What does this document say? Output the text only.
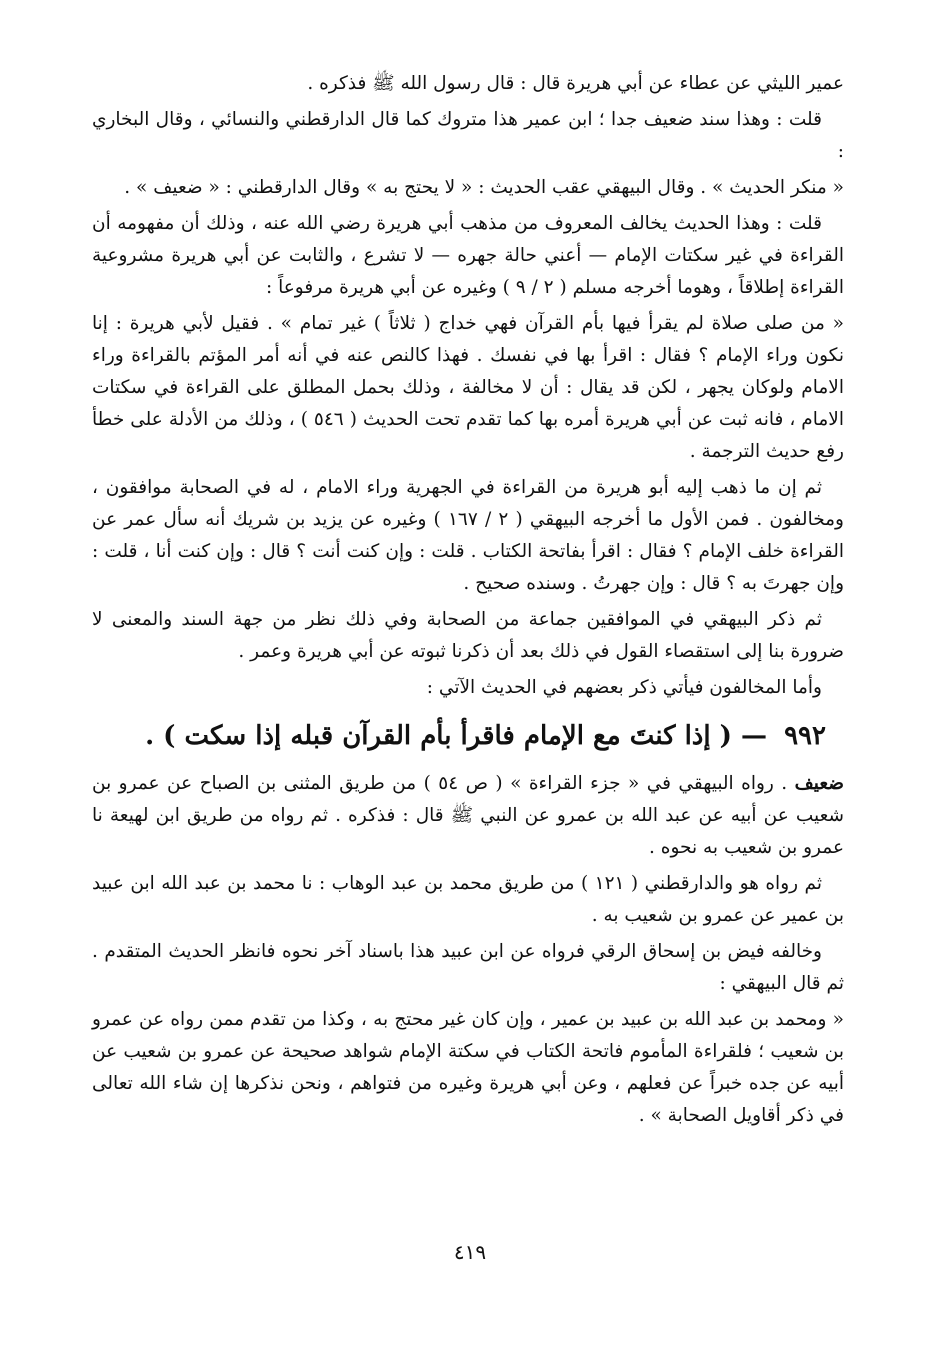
عمير الليثي عن عطاء عن أبي هريرة قال : قال رسول الله ﷺ فذكره .

قلت : وهذا سند ضعيف جدا ؛ ابن عمير هذا متروك كما قال الدارقطني والنسائي ، وقال البخاري :

« منكر الحديث » . وقال البيهقي عقب الحديث : « لا يحتج به » وقال الدارقطني : « ضعيف » .

قلت : وهذا الحديث يخالف المعروف من مذهب أبي هريرة رضي الله عنه ، وذلك أن مفهومه أن القراءة في غير سكتات الإمام — أعني حالة جهره — لا تشرع ، والثابت عن أبي هريرة مشروعية القراءة إطلاقاً ، وهوما أخرجه مسلم ( ٢ / ٩ ) وغيره عن أبي هريرة مرفوعاً :

« من صلى صلاة لم يقرأ فيها بأم القرآن فهي خداج ( ثلاثاً ) غير تمام » . فقيل لأبي هريرة : إنا نكون وراء الإمام ؟ فقال : اقرأ بها في نفسك . فهذا كالنص عنه في أنه أمر المؤتم بالقراءة وراء الامام ولوكان يجهر ، لكن قد يقال : أن لا مخالفة ، وذلك بحمل المطلق على القراءة في سكتات الامام ، فانه ثبت عن أبي هريرة أمره بها كما تقدم تحت الحديث ( ٥٤٦ ) ، وذلك من الأدلة على خطأ رفع حديث الترجمة .

ثم إن ما ذهب إليه أبو هريرة من القراءة في الجهرية وراء الامام ، له في الصحابة موافقون ، ومخالفون . فمن الأول ما أخرجه البيهقي ( ٢ / ١٦٧ ) وغيره عن يزيد بن شريك أنه سأل عمر عن القراءة خلف الإمام ؟ فقال : اقرأ بفاتحة الكتاب . قلت : وإن كنت أنت ؟ قال : وإن كنت أنا ، قلت : وإن جهرتَ به ؟ قال : وإن جهرتُ . وسنده صحيح .

ثم ذكر البيهقي في الموافقين جماعة من الصحابة وفي ذلك نظر من جهة السند والمعنى لا ضرورة بنا إلى استقصاء القول في ذلك بعد أن ذكرنا ثبوته عن أبي هريرة وعمر .

وأما المخالفون فيأتي ذكر بعضهم في الحديث الآتي :

٩٩٢ — ( إذا كنتَ مع الإمام فاقرأ بأم القرآن قبله إذا سكت ) .

ضعيف . رواه البيهقي في « جزء القراءة » ( ص ٥٤ ) من طريق المثنى بن الصباح عن عمرو بن شعيب عن أبيه عن عبد الله بن عمرو عن النبي ﷺ قال : فذكره . ثم رواه من طريق ابن لهيعة نا عمرو بن شعيب به نحوه .

ثم رواه هو والدارقطني ( ١٢١ ) من طريق محمد بن عبد الوهاب : نا محمد بن عبد الله ابن عبيد بن عمير عن عمرو بن شعيب به .

وخالفه فيض بن إسحاق الرقي فرواه عن ابن عبيد هذا باسناد آخر نحوه فانظر الحديث المتقدم . ثم قال البيهقي :

« ومحمد بن عبد الله بن عبيد بن عمير ، وإن كان غير محتج به ، وكذا من تقدم ممن رواه عن عمرو بن شعيب ؛ فلقراءة المأموم فاتحة الكتاب في سكتة الإمام شواهد صحيحة عن عمرو بن شعيب عن أبيه عن جده خبراً عن فعلهم ، وعن أبي هريرة وغيره من فتواهم ، ونحن نذكرها إن شاء الله تعالى في ذكر أقاويل الصحابة » .

٤١٩
